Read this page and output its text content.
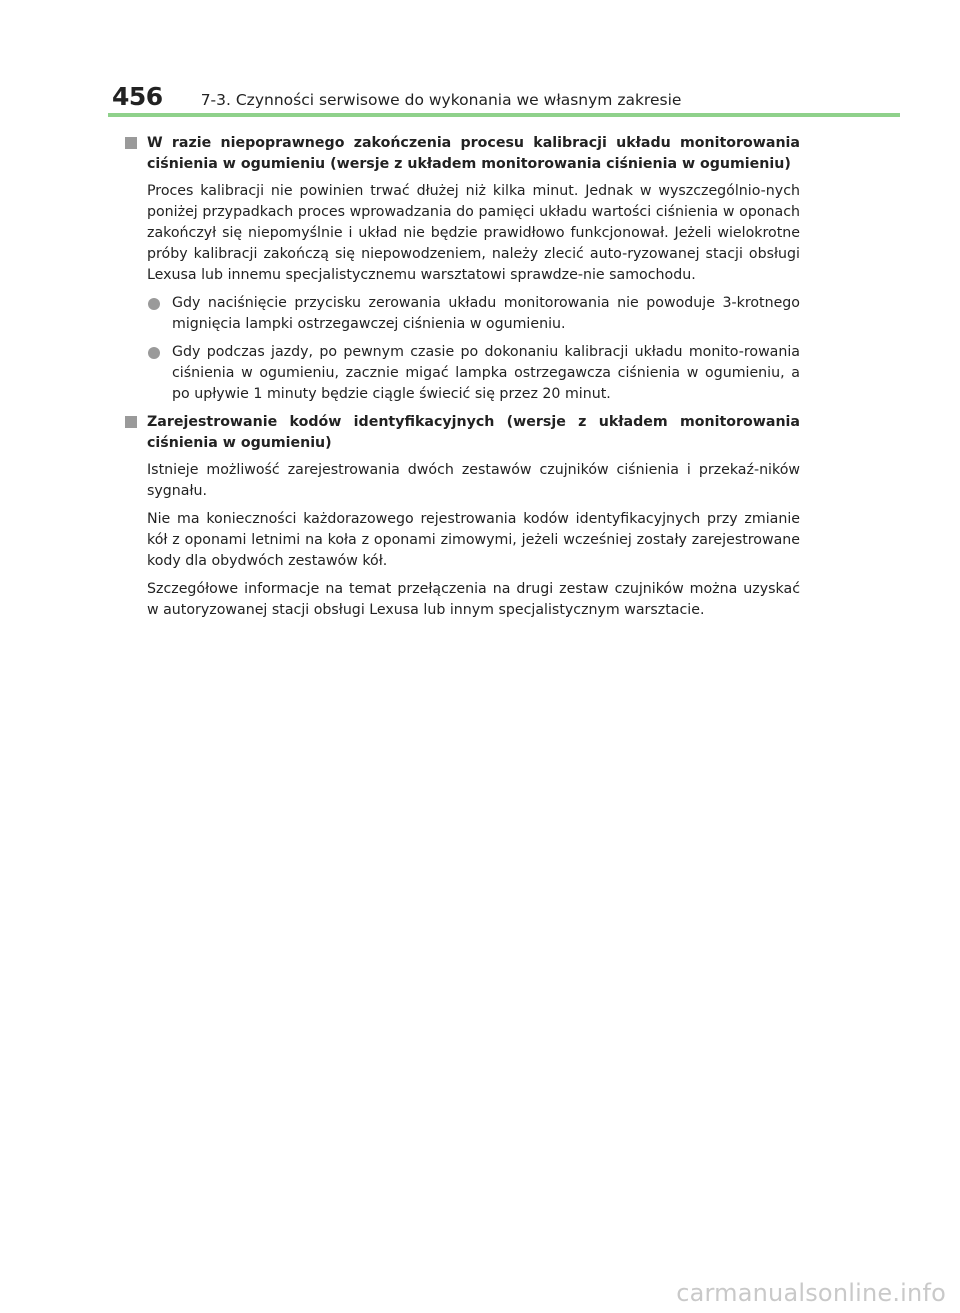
456 7-3. Czynności serwisowe do wykonania we własnym zakresie
W razie niepoprawnego zakończenia procesu kalibracji układu monitorowania ciśnienia w ogumieniu (wersje z układem monitorowania ciśnienia w ogumieniu)

Proces kalibracji nie powinien trwać dłużej niż kilka minut. Jednak w wyszczególnio-nych poniżej przypadkach proces wprowadzania do pamięci układu wartości ciśnienia w oponach zakończył się niepomyślnie i układ nie będzie prawidłowo funkcjonował. Jeżeli wielokrotne próby kalibracji zakończą się niepowodzeniem, należy zlecić auto-ryzowanej stacji obsługi Lexusa lub innemu specjalistycznemu warsztatowi sprawdze-nie samochodu.

Gdy naciśnięcie przycisku zerowania układu monitorowania nie powoduje 3-krotnego mignięcia lampki ostrzegawczej ciśnienia w ogumieniu.
Gdy podczas jazdy, po pewnym czasie po dokonaniu kalibracji układu monito-rowania ciśnienia w ogumieniu, zacznie migać lampka ostrzegawcza ciśnienia w ogumieniu, a po upływie 1 minuty będzie ciągle świecić się przez 20 minut.
Zarejestrowanie kodów identyfikacyjnych (wersje z układem monitorowania ciśnienia w ogumieniu)

Istnieje możliwość zarejestrowania dwóch zestawów czujników ciśnienia i przekaź-ników sygnału.

Nie ma konieczności każdorazowego rejestrowania kodów identyfikacyjnych przy zmianie kół z oponami letnimi na koła z oponami zimowymi, jeżeli wcześniej zostały zarejestrowane kody dla obydwóch zestawów kół.

Szczegółowe informacje na temat przełączenia na drugi zestaw czujników można uzyskać w autoryzowanej stacji obsługi Lexusa lub innym specjalistycznym warsztacie.

carmanualsonline.info
